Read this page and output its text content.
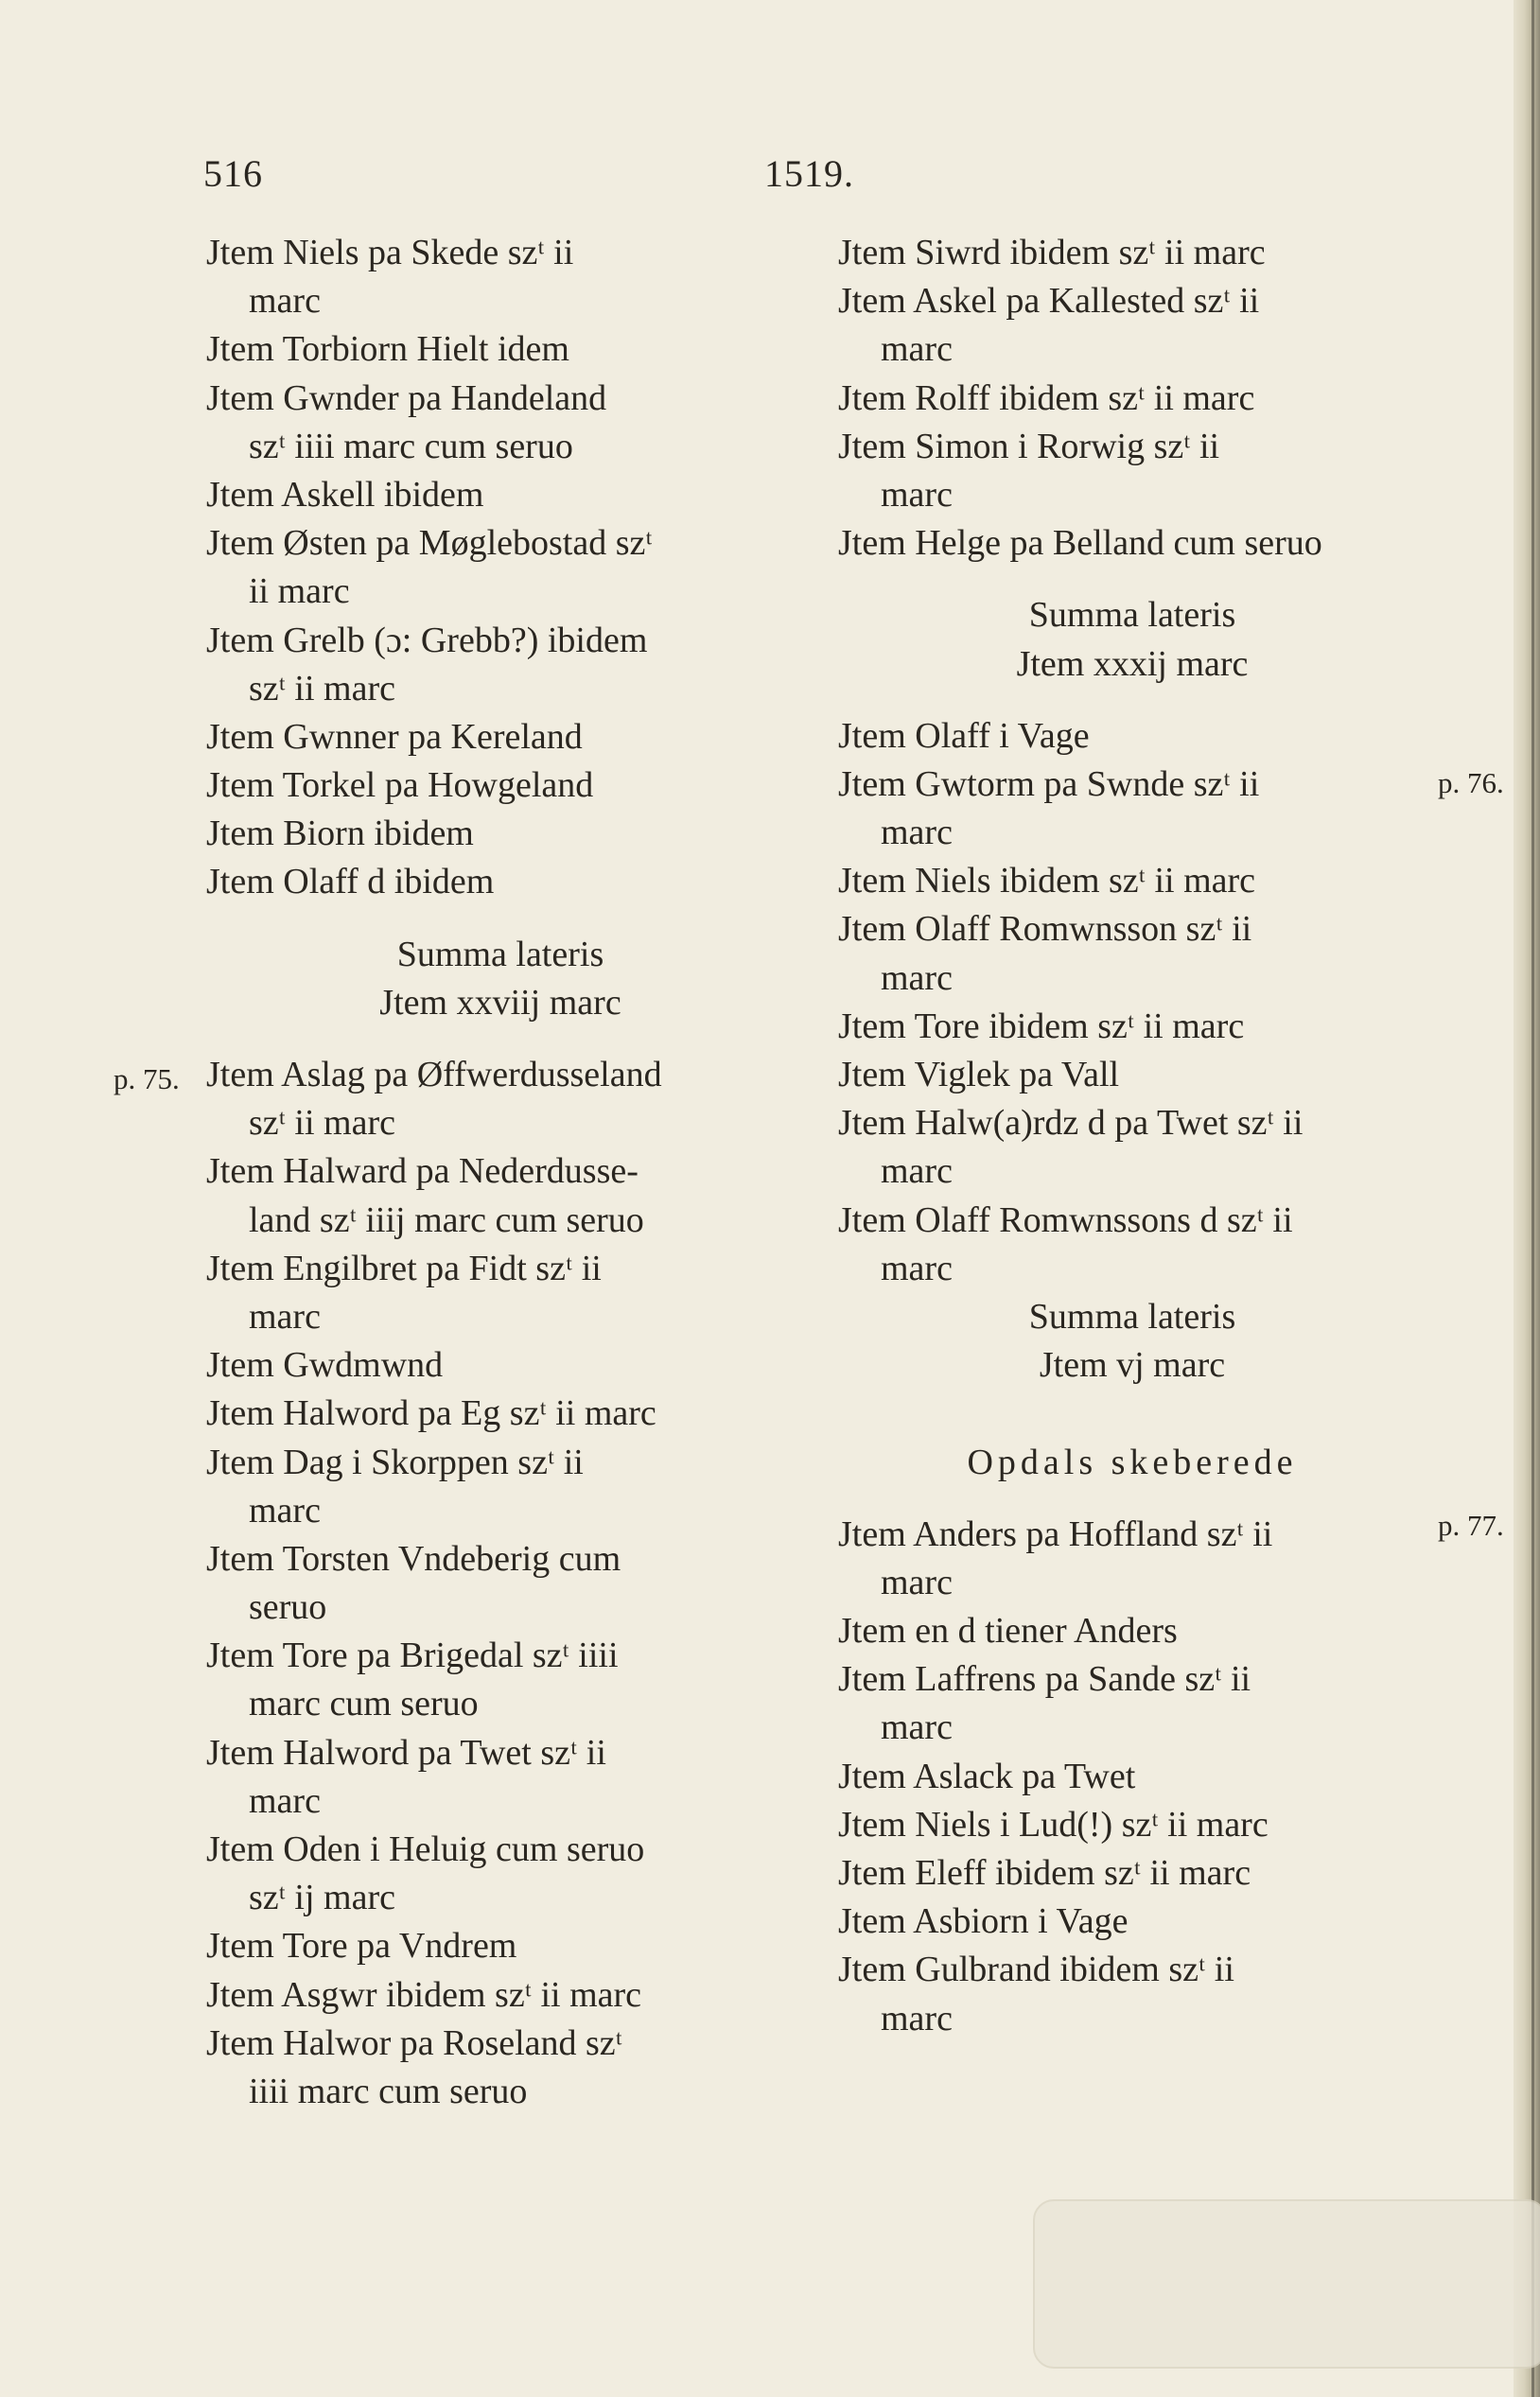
516	1519.
p. 75.
p. 76.
p. 77.
Jtem Niels pa Skede szᵗ ii
marc
Jtem Torbiorn Hielt idem
Jtem Gwnder pa Handeland
szᵗ iiii marc cum seruo
Jtem Askell ibidem
Jtem Østen pa Møglebostad szᵗ
ii marc
Jtem Grelb (ɔ: Grebb?) ibidem
szᵗ ii marc
Jtem Gwnner pa Kereland
Jtem Torkel pa Howgeland
Jtem Biorn ibidem
Jtem Olaff d ibidem
Summa lateris
Jtem xxviij marc
Jtem Aslag pa Øffwerdusseland
szᵗ ii marc
Jtem Halward pa Nederdusse-
land szᵗ iiij marc cum seruo
Jtem Engilbret pa Fidt szᵗ ii
marc
Jtem Gwdmwnd
Jtem Halword pa Eg szᵗ ii marc
Jtem Dag i Skorppen szᵗ ii
marc
Jtem Torsten Vndeberig cum
seruo
Jtem Tore pa Brigedal szᵗ iiii
marc cum seruo
Jtem Halword pa Twet szᵗ ii
marc
Jtem Oden i Heluig cum seruo
szᵗ ij marc
Jtem Tore pa Vndrem
Jtem Asgwr ibidem szᵗ ii marc
Jtem Halwor pa Roseland szᵗ
iiii marc cum seruo
Jtem Siwrd ibidem szᵗ ii marc
Jtem Askel pa Kallested szᵗ ii
marc
Jtem Rolff ibidem szᵗ ii marc
Jtem Simon i Rorwig szᵗ ii
marc
Jtem Helge pa Belland cum seruo
Summa lateris
Jtem xxxij marc
Jtem Olaff i Vage
Jtem Gwtorm pa Swnde szᵗ ii
marc
Jtem Niels ibidem szᵗ ii marc
Jtem Olaff Romwnsson szᵗ ii
marc
Jtem Tore ibidem szᵗ ii marc
Jtem Viglek pa Vall
Jtem Halw(a)rdz d pa Twet szᵗ ii
marc
Jtem Olaff Romwnssons d szᵗ ii
marc
Summa lateris
Jtem vj marc
Opdals skeberede
Jtem Anders pa Hoffland szᵗ ii
marc
Jtem en d tiener Anders
Jtem Laffrens pa Sande szᵗ ii
marc
Jtem Aslack pa Twet
Jtem Niels i Lud(!) szᵗ ii marc
Jtem Eleff ibidem szᵗ ii marc
Jtem Asbiorn i Vage
Jtem Gulbrand ibidem szᵗ ii
marc
